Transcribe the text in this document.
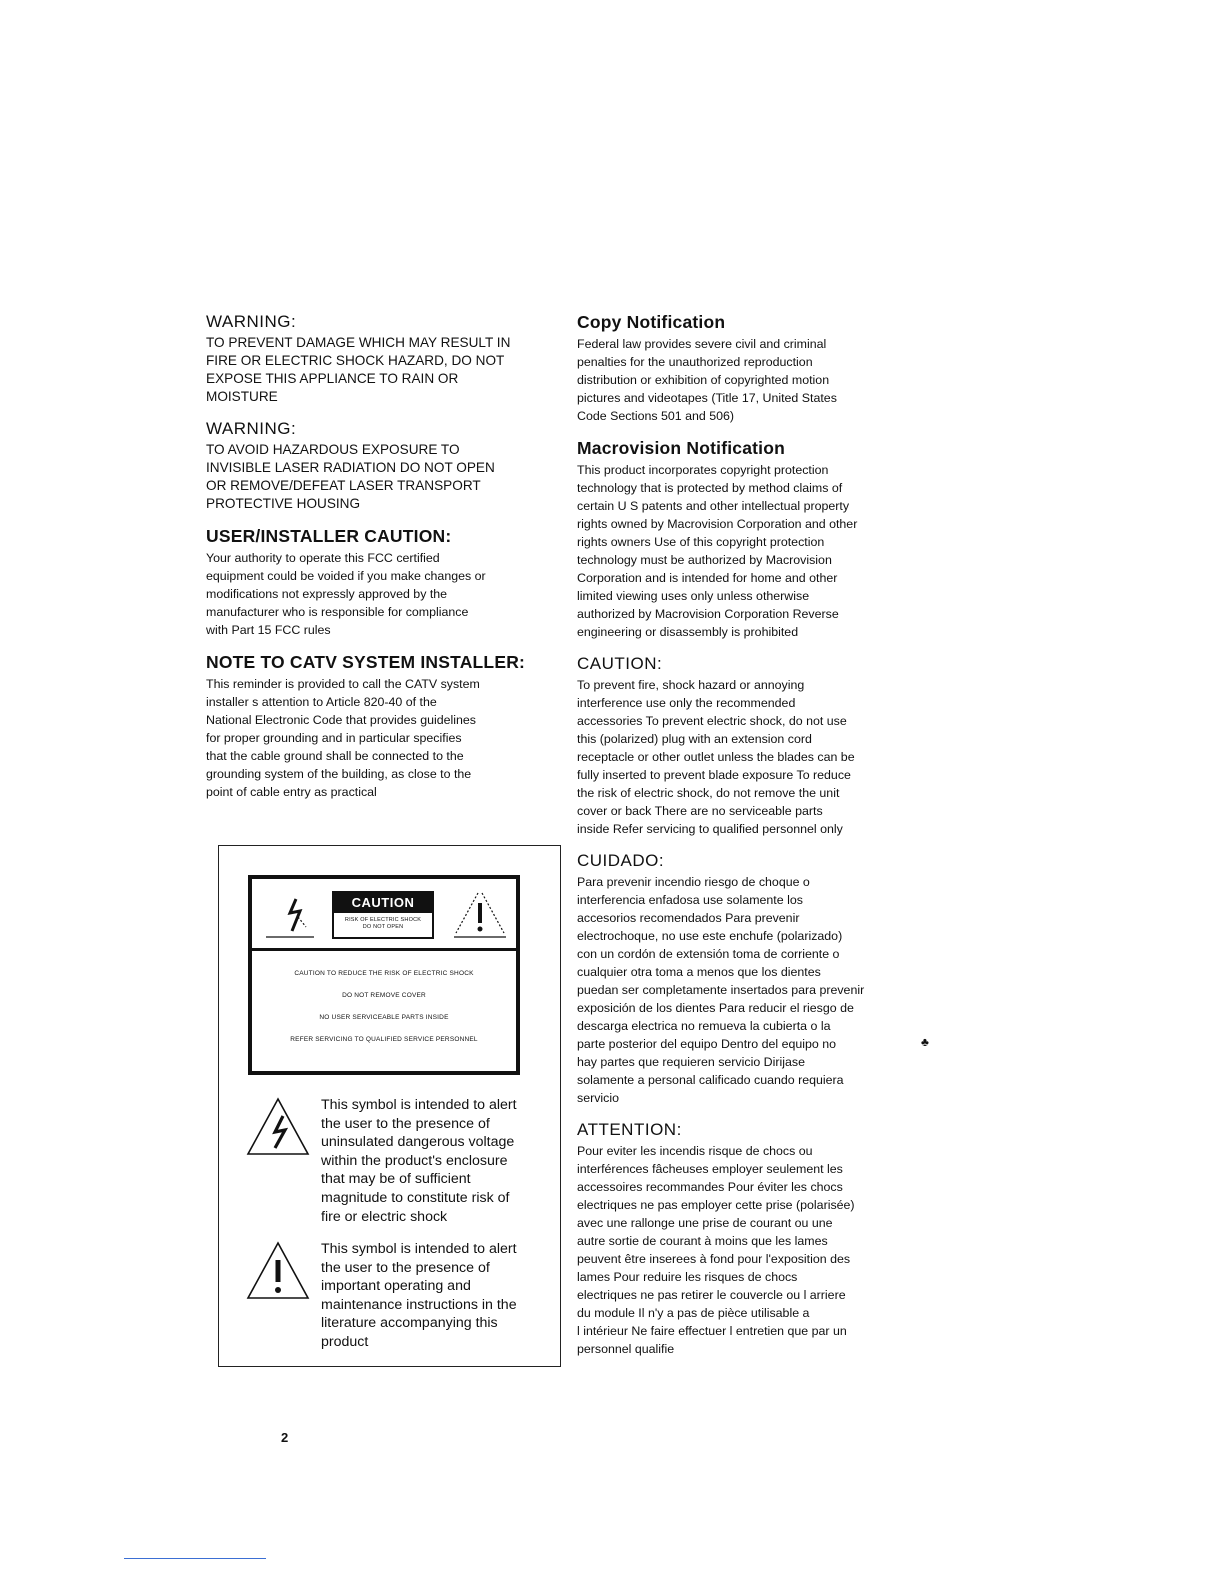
WARNING:
TO PREVENT DAMAGE WHICH MAY RESULT IN
FIRE OR ELECTRIC SHOCK HAZARD, DO NOT
EXPOSE THIS APPLIANCE TO RAIN OR
MOISTURE
WARNING:
TO AVOID HAZARDOUS EXPOSURE TO
INVISIBLE LASER RADIATION DO NOT OPEN
OR REMOVE/DEFEAT LASER TRANSPORT
PROTECTIVE HOUSING
USER/INSTALLER CAUTION:
Your authority to operate this FCC certified
equipment could be voided if you make changes or
modifications not expressly approved by the
manufacturer who is responsible for compliance
with Part 15 FCC rules
NOTE TO CATV SYSTEM INSTALLER:
This reminder is provided to call the CATV system
installer s attention to Article 820-40 of the
National Electronic Code that provides guidelines
for proper grounding and in particular specifies
that the cable ground shall be connected to the
grounding system of the building, as close to the
point of cable entry as practical
CAUTION
RISK OF ELECTRIC SHOCK
DO NOT OPEN
CAUTION TO REDUCE THE RISK OF ELECTRIC SHOCK
DO NOT REMOVE COVER
NO USER SERVICEABLE PARTS INSIDE
REFER SERVICING TO QUALIFIED SERVICE PERSONNEL
This symbol is intended to alert
the user to the presence of
uninsulated dangerous voltage
within the product's enclosure
that may be of sufficient
magnitude to constitute risk of
fire or electric shock
This symbol is intended to alert
the user to the presence of
important operating and
maintenance instructions in the
literature accompanying this
product
Copy Notification
Federal law provides severe civil and criminal
penalties for the unauthorized reproduction
distribution or exhibition of copyrighted motion
pictures and videotapes (Title 17, United States
Code Sections 501 and 506)
Macrovision Notification
This product incorporates copyright protection
technology that is protected by method claims of
certain U S patents and other intellectual property
rights owned by Macrovision Corporation and other
rights owners Use of this copyright protection
technology must be authorized by Macrovision
Corporation and is intended for home and other
limited viewing uses only unless otherwise
authorized by Macrovision Corporation Reverse
engineering or disassembly is prohibited
CAUTION:
To prevent fire, shock hazard or annoying
interference use only the recommended
accessories To prevent electric shock, do not use
this (polarized) plug with an extension cord
receptacle or other outlet unless the blades can be
fully inserted to prevent blade exposure To reduce
the risk of electric shock, do not remove the unit
cover or back There are no serviceable parts
inside Refer servicing to qualified personnel only
CUIDADO:
Para prevenir incendio riesgo de choque o
interferencia enfadosa use solamente los
accesorios recomendados Para prevenir
electrochoque, no use este enchufe (polarizado)
con un cordón de extensión toma de corriente o
cualquier otra toma a menos que los dientes
puedan ser completamente insertados para prevenir
exposición de los dientes Para reducir el riesgo de
descarga electrica no remueva la cubierta o la
parte posterior del equipo Dentro del equipo no
hay partes que requieren servicio Dirijase
solamente a personal calificado cuando requiera
servicio
ATTENTION:
Pour eviter les incendis risque de chocs ou
interférences fâcheuses employer seulement les
accessoires recommandes Pour éviter les chocs
electriques ne pas employer cette prise (polarisée)
avec une rallonge une prise de courant ou une
autre sortie de courant à moins que les lames
peuvent être inserees à fond pour l'exposition des
lames Pour reduire les risques de chocs
electriques ne pas retirer le couvercle ou l arriere
du module Il n'y a pas de pièce utilisable a
l intérieur Ne faire effectuer l entretien que par un
personnel qualifie
♣
2
